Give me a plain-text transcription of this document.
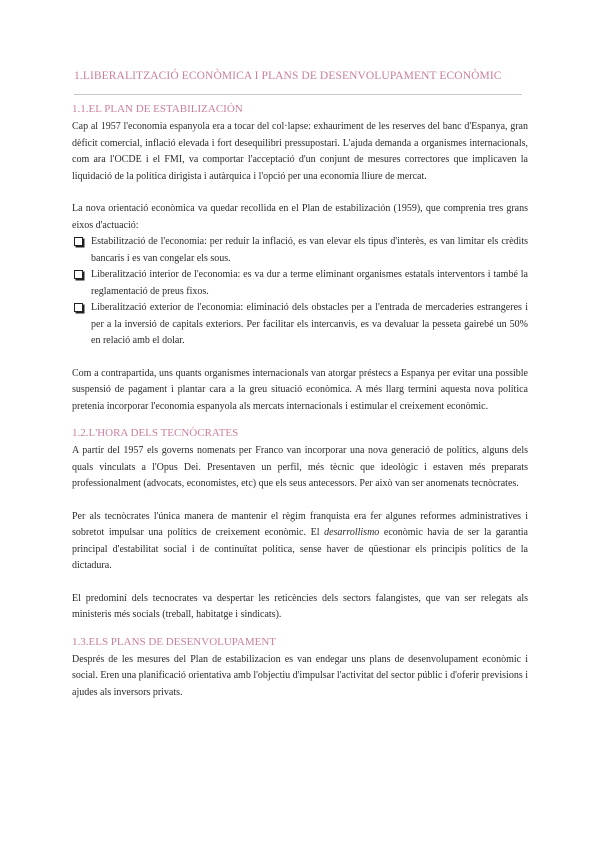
1.LIBERALITZACIÓ ECONÒMICA I PLANS DE DESENVOLUPAMENT ECONÒMIC
1.1.EL PLAN DE ESTABILIZACIÓN

Cap al 1957 l'economia espanyola era a tocar del col·lapse: exhauriment de les reserves del banc d'Espanya, gran dèficit comercial, inflació elevada i fort desequilibri pressupostari. L'ajuda demanda a organismes internacionals, com ara l'OCDE i el FMI, va comportar l'acceptació d'un conjunt de mesures correctores que implicaven la liquidació de la política dirigista i autàrquica i l'opció per una economia lliure de mercat.

La nova orientació econòmica va quedar recollida en el Plan de estabilización (1959), que comprenia tres grans eixos d'actuació:

Estabilització de l'economia: per reduir la inflació, es van elevar els tipus d'interès, es van limitar els crèdits bancaris i es van congelar els sous.
Liberalització interior de l'economia: es va dur a terme eliminant organismes estatals interventors i també la reglamentació de preus fixos.
Liberalització exterior de l'economia: eliminació dels obstacles per a l'entrada de mercaderies estrangeres i per a la inversió de capitals exteriors. Per facilitar els intercanvis, es va devaluar la pesseta gairebé un 50% en relació amb el dolar.

Com a contrapartida, uns quants organismes internacionals van atorgar préstecs a Espanya per evitar una possible suspensió de pagament i plantar cara a la greu situació econòmica. A més llarg termini aquesta nova política pretenia incorporar l'economia espanyola als mercats internacionals i estimular el creixement econòmic.

1.2.L'HORA DELS TECNÒCRATES

A partir del 1957 els governs nomenats per Franco van incorporar una nova generació de polítics, alguns dels quals vinculats a l'Opus Dei. Presentaven un perfil, més tècnic que ideològic i estaven més preparats professionalment (advocats, economistes, etc) que els seus antecessors. Per això van ser anomenats tecnòcrates.

Per als tecnòcrates l'única manera de mantenir el règim franquista era fer algunes reformes administratives i sobretot impulsar una polítics de creixement econòmic. El desarrollismo econòmic havia de ser la garantia principal d'estabilitat social i de continuïtat política, sense haver de qüestionar els principis polítics de la dictadura.

El predominí dels tecnocrates va despertar les reticències dels sectors falangistes, que van ser relegats als ministeris més socials (treball, habitatge i sindicats).

1.3.ELS PLANS DE DESENVOLUPAMENT

Després de les mesures del Plan de estabilizacion es van endegar uns plans de desenvolupament econòmic i social. Eren una planificació orientativa amb l'objectiu d'impulsar l'activitat del sector públic i d'oferir previsions i ajudes als inversors privats.
